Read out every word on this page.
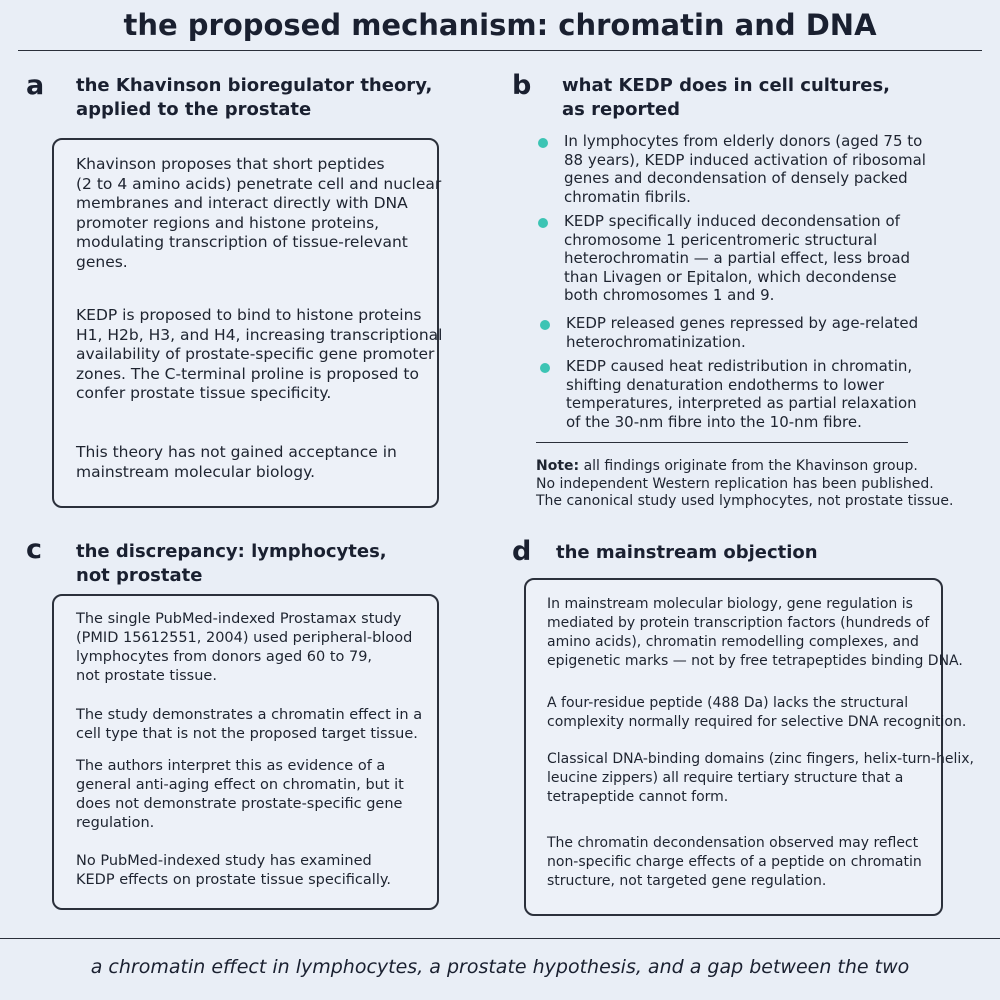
the proposed mechanism: chromatin and DNA
a the Khavinson bioregulator theory,
applied to the prostate
Khavinson proposes that short peptides
(2 to 4 amino acids) penetrate cell and nuclear
membranes and interact directly with DNA
promoter regions and histone proteins,
modulating transcription of tissue-relevant
genes.
KEDP is proposed to bind to histone proteins
H1, H2b, H3, and H4, increasing transcriptional
availability of prostate-specific gene promoter
zones. The C-terminal proline is proposed to
confer prostate tissue specificity.
This theory has not gained acceptance in
mainstream molecular biology.
b what KEDP does in cell cultures,
as reported
In lymphocytes from elderly donors (aged 75 to
88 years), KEDP induced activation of ribosomal
genes and decondensation of densely packed
chromatin fibrils.
KEDP specifically induced decondensation of
chromosome 1 pericentromeric structural
heterochromatin — a partial effect, less broad
than Livagen or Epitalon, which decondense
both chromosomes 1 and 9.
KEDP released genes repressed by age-related
heterochromatinization.
KEDP caused heat redistribution in chromatin,
shifting denaturation endotherms to lower
temperatures, interpreted as partial relaxation
of the 30-nm fibre into the 10-nm fibre.
Note: all findings originate from the Khavinson group.
No independent Western replication has been published.
The canonical study used lymphocytes, not prostate tissue.
c the discrepancy: lymphocytes,
not prostate
The single PubMed-indexed Prostamax study
(PMID 15612551, 2004) used peripheral-blood
lymphocytes from donors aged 60 to 79,
not prostate tissue.
The study demonstrates a chromatin effect in a
cell type that is not the proposed target tissue.
The authors interpret this as evidence of a
general anti-aging effect on chromatin, but it
does not demonstrate prostate-specific gene
regulation.
No PubMed-indexed study has examined
KEDP effects on prostate tissue specifically.
d the mainstream objection
In mainstream molecular biology, gene regulation is
mediated by protein transcription factors (hundreds of
amino acids), chromatin remodelling complexes, and
epigenetic marks — not by free tetrapeptides binding DNA.
A four-residue peptide (488 Da) lacks the structural
complexity normally required for selective DNA recognition.
Classical DNA-binding domains (zinc fingers, helix-turn-helix,
leucine zippers) all require tertiary structure that a
tetrapeptide cannot form.
The chromatin decondensation observed may reflect
non-specific charge effects of a peptide on chromatin
structure, not targeted gene regulation.
a chromatin effect in lymphocytes, a prostate hypothesis, and a gap between the two
